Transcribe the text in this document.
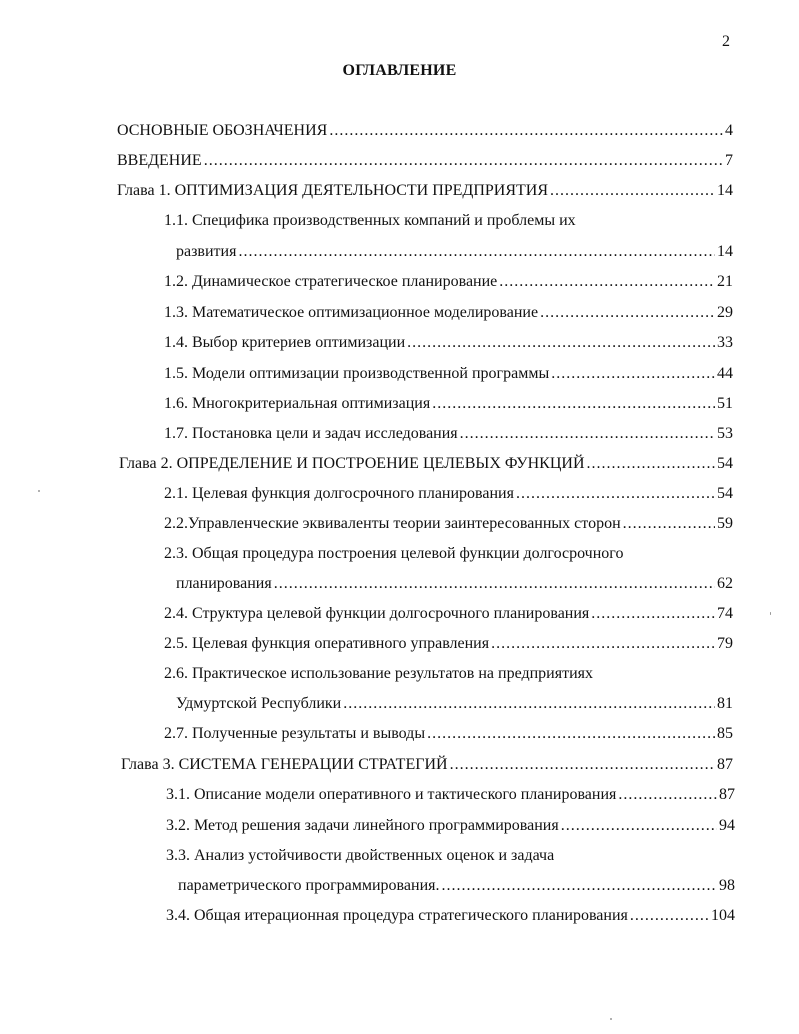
2
ОГЛАВЛЕНИЕ
ОСНОВНЫЕ ОБОЗНАЧЕНИЯ .....	4
ВВЕДЕНИЕ .....	7
Глава 1. ОПТИМИЗАЦИЯ ДЕЯТЕЛЬНОСТИ ПРЕДПРИЯТИЯ .....	14
1.1. Специфика производственных компаний и проблемы их
развития .....	14
1.2. Динамическое стратегическое планирование .....	21
1.3. Математическое оптимизационное моделирование .....	29
1.4. Выбор критериев оптимизации .....	33
1.5. Модели оптимизации производственной программы .....	44
1.6. Многокритериальная оптимизация .....	51
1.7. Постановка цели и задач исследования .....	53
Глава 2. ОПРЕДЕЛЕНИЕ И ПОСТРОЕНИЕ ЦЕЛЕВЫХ ФУНКЦИЙ .....	54
2.1. Целевая функция долгосрочного планирования .....	54
2.2.Управленческие эквиваленты теории заинтересованных сторон .....	59
2.3. Общая процедура построения целевой функции долгосрочного
планирования .....	62
2.4. Структура целевой функции долгосрочного планирования .....	74
2.5. Целевая функция оперативного управления .....	79
2.6. Практическое использование результатов на предприятиях
Удмуртской Республики .....	81
2.7. Полученные результаты и выводы .....	85
Глава 3. СИСТЕМА ГЕНЕРАЦИИ СТРАТЕГИЙ .....	87
3.1. Описание модели оперативного и тактического планирования .....	87
3.2. Метод решения задачи линейного программирования .....	94
3.3. Анализ устойчивости двойственных оценок и задача
параметрического программирования. .....	98
3.4. Общая итерационная процедура стратегического планирования .....	104
